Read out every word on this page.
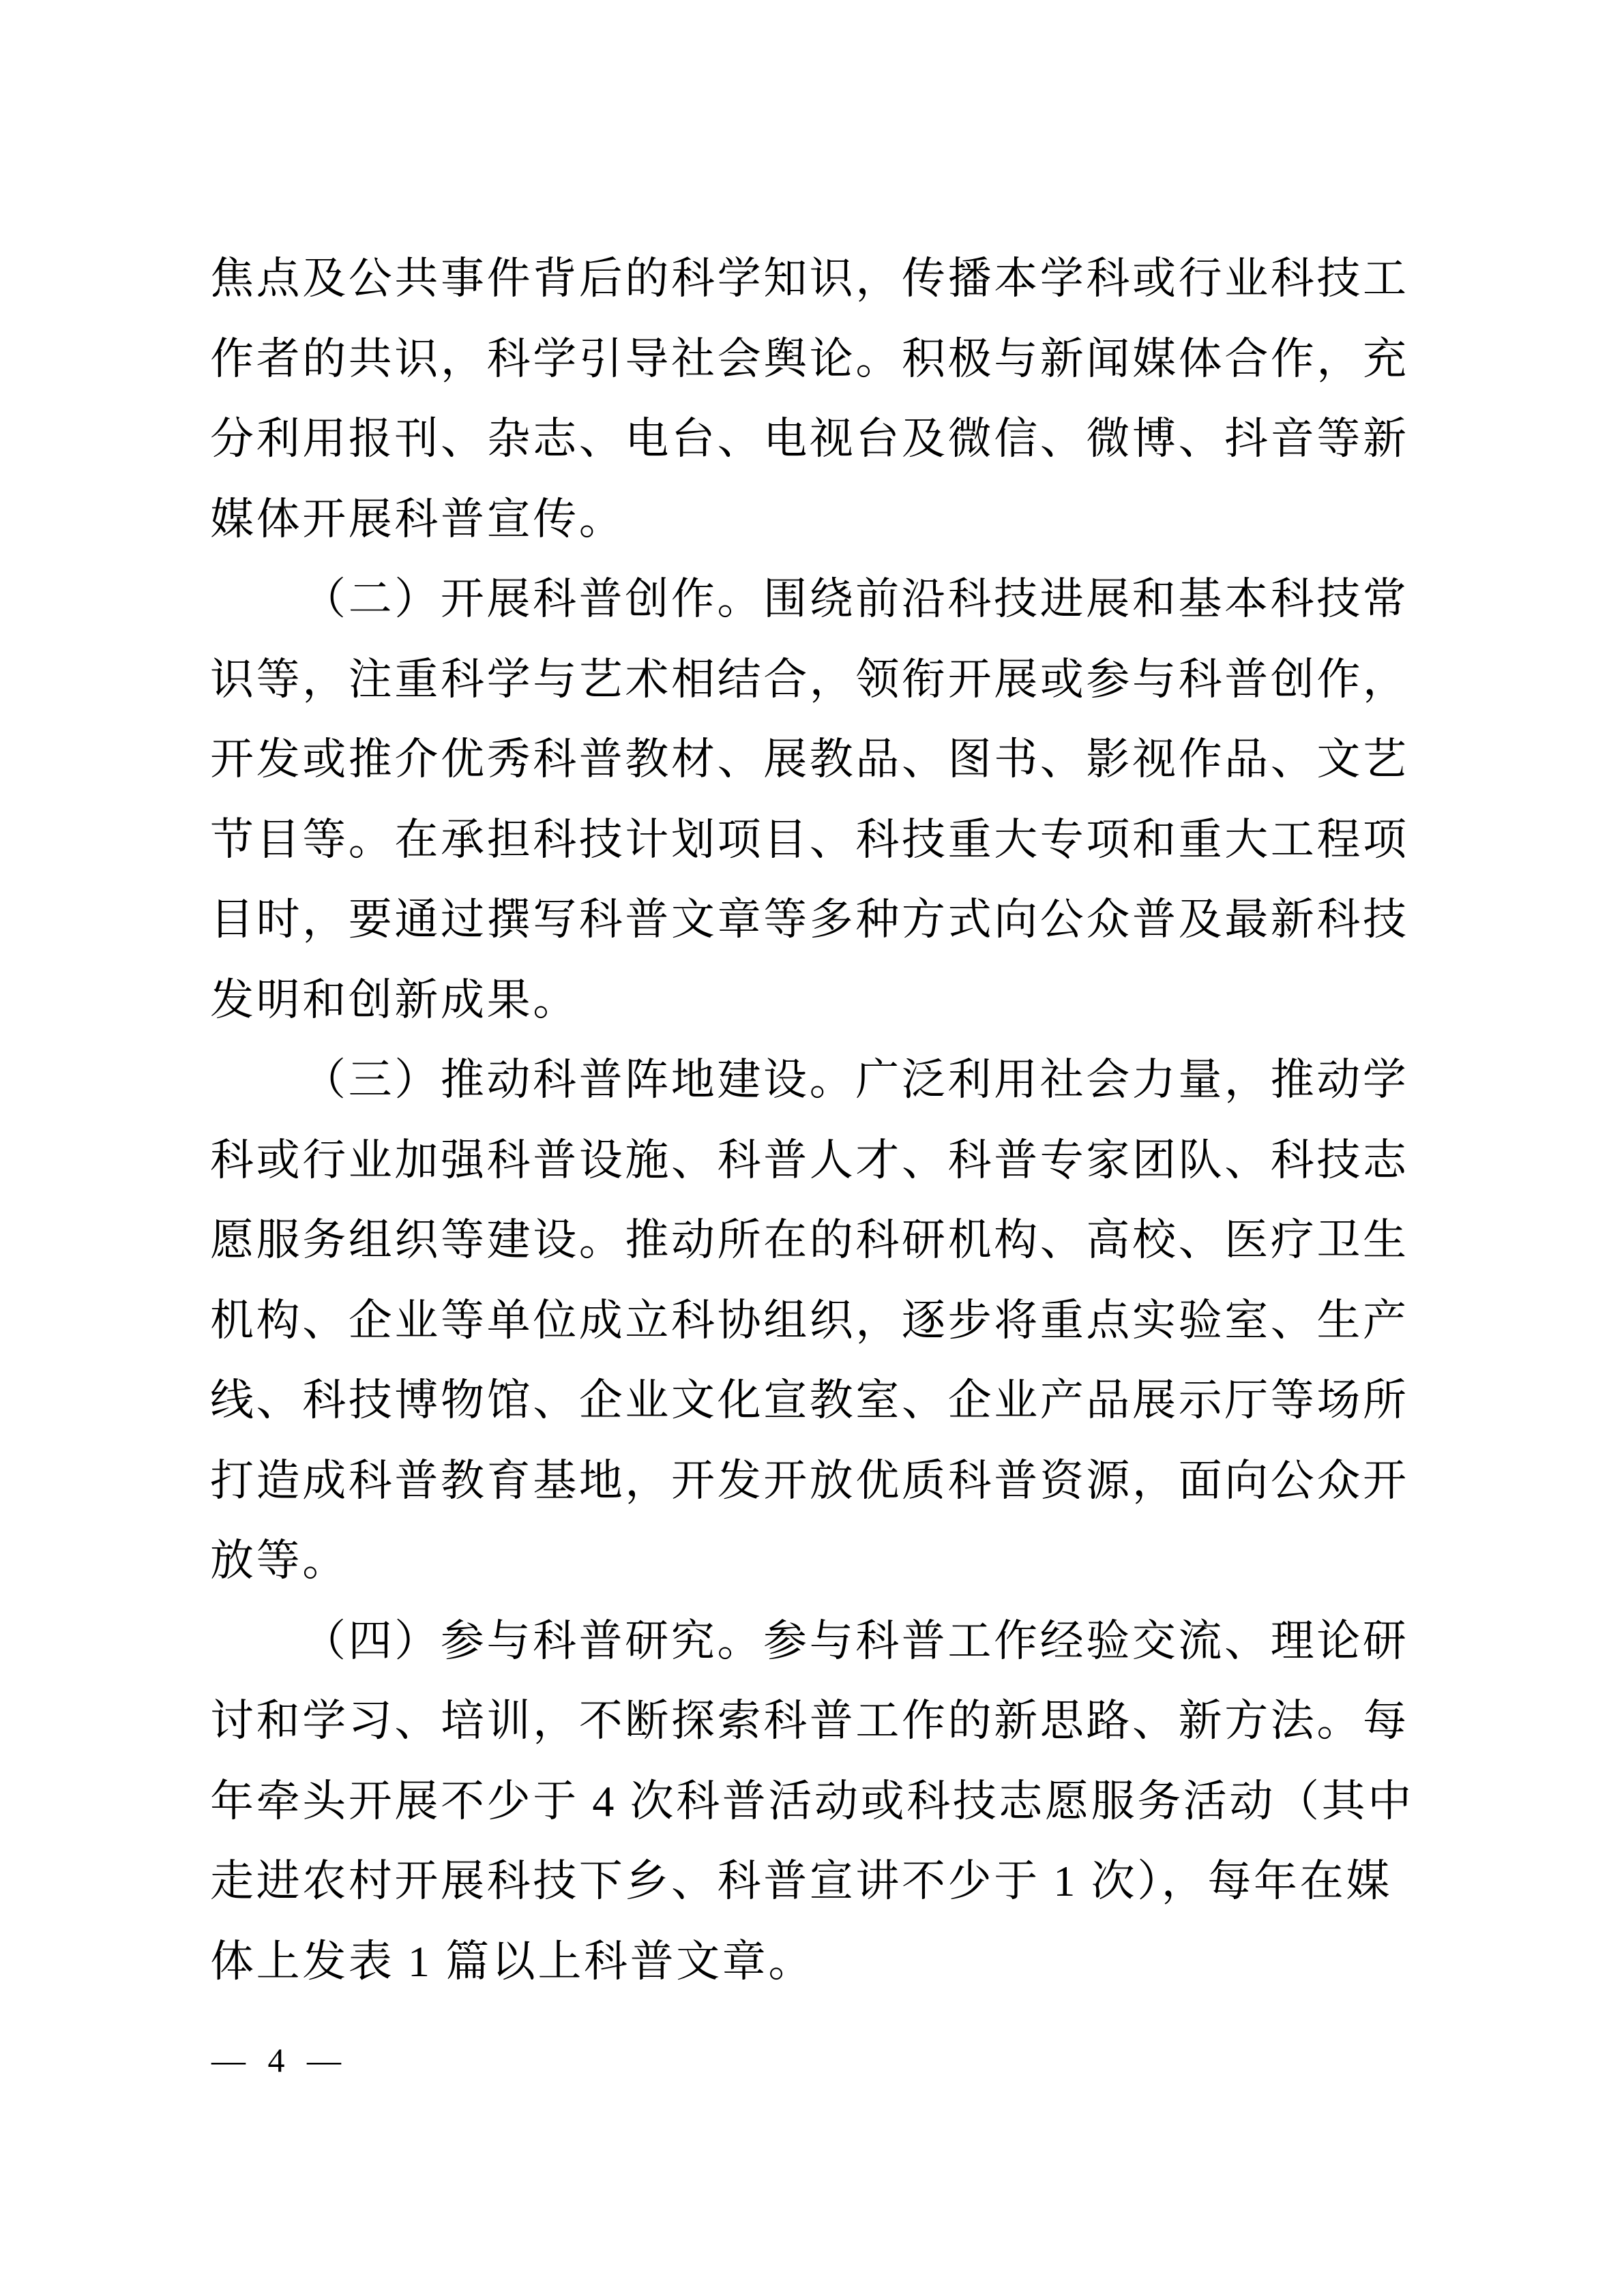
焦点及公共事件背后的科学知识，传播本学科或行业科技工
作者的共识，科学引导社会舆论。积极与新闻媒体合作，充
分利用报刊、杂志、电台、电视台及微信、微博、抖音等新
媒体开展科普宣传。
（二）开展科普创作。围绕前沿科技进展和基本科技常
识等，注重科学与艺术相结合，领衔开展或参与科普创作，
开发或推介优秀科普教材、展教品、图书、影视作品、文艺
节目等。在承担科技计划项目、科技重大专项和重大工程项
目时，要通过撰写科普文章等多种方式向公众普及最新科技
发明和创新成果。
（三）推动科普阵地建设。广泛利用社会力量，推动学
科或行业加强科普设施、科普人才、科普专家团队、科技志
愿服务组织等建设。推动所在的科研机构、高校、医疗卫生
机构、企业等单位成立科协组织，逐步将重点实验室、生产
线、科技博物馆、企业文化宣教室、企业产品展示厅等场所
打造成科普教育基地，开发开放优质科普资源，面向公众开
放等。
（四）参与科普研究。参与科普工作经验交流、理论研
讨和学习、培训，不断探索科普工作的新思路、新方法。每
年牵头开展不少于 4 次科普活动或科技志愿服务活动（其中
走进农村开展科技下乡、科普宣讲不少于 1 次），每年在媒
体上发表 1 篇以上科普文章。
— 4 —
